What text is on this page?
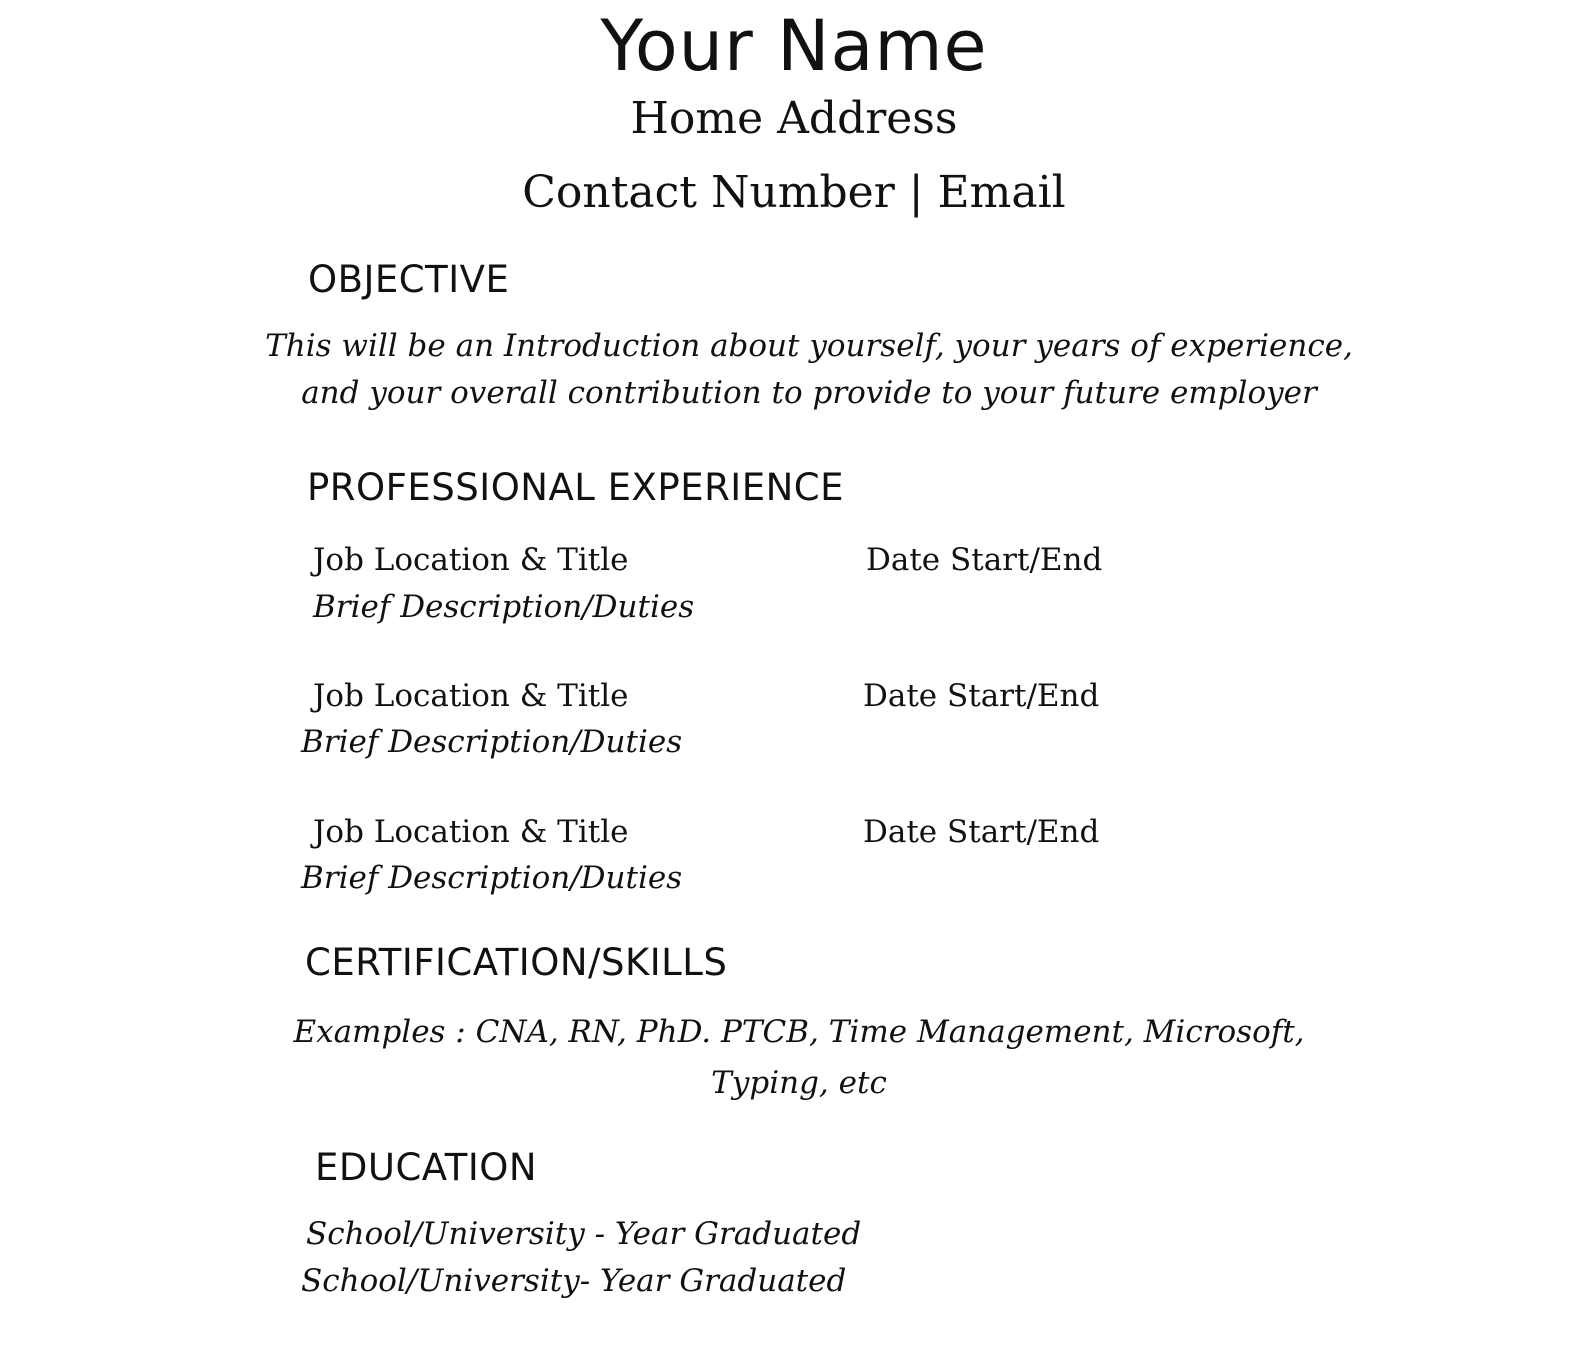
Your Name
Home Address
Contact Number | Email
OBJECTIVE
This will be an Introduction about yourself, your years of experience,
and your overall contribution to provide to your future employer
PROFESSIONAL EXPERIENCE
Job Location & Title	Date Start/End
Brief Description/Duties
Job Location & Title	Date Start/End
Brief Description/Duties
Job Location & Title	Date Start/End
Brief Description/Duties
CERTIFICATION/SKILLS
Examples : CNA, RN, PhD. PTCB, Time Management, Microsoft,
Typing, etc
EDUCATION
School/University - Year Graduated
School/University- Year Graduated
